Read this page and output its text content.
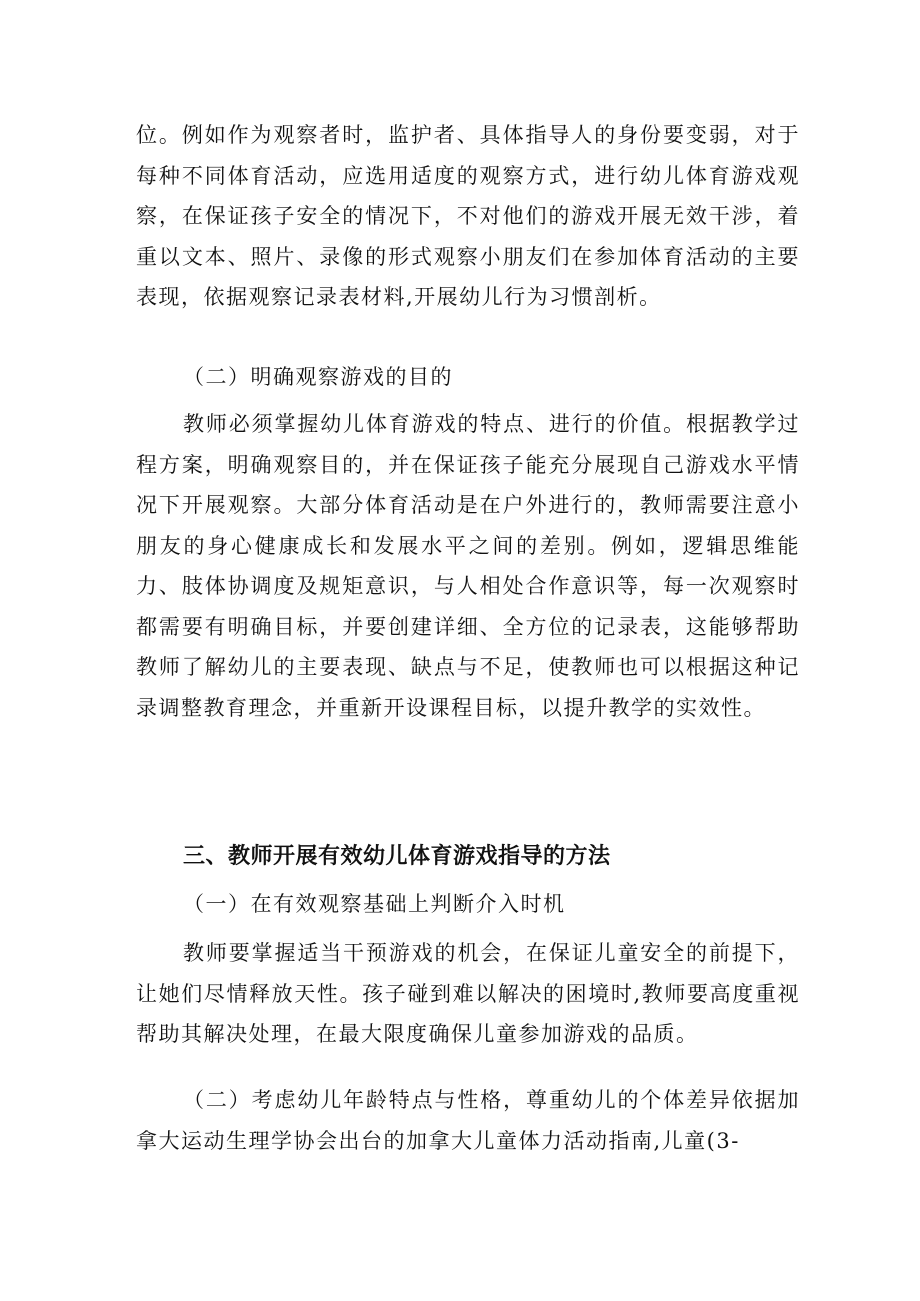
位。例如作为观察者时，监护者、具体指导人的身份要变弱，对于每种不同体育活动，应选用适度的观察方式，进行幼儿体育游戏观察，在保证孩子安全的情况下，不对他们的游戏开展无效干涉，着重以文本、照片、录像的形式观察小朋友们在参加体育活动的主要表现，依据观察记录表材料,开展幼儿行为习惯剖析。

（二）明确观察游戏的目的

教师必须掌握幼儿体育游戏的特点、进行的价值。根据教学过程方案，明确观察目的，并在保证孩子能充分展现自己游戏水平情况下开展观察。大部分体育活动是在户外进行的，教师需要注意小朋友的身心健康成长和发展水平之间的差别。例如，逻辑思维能力、肢体协调度及规矩意识，与人相处合作意识等，每一次观察时都需要有明确目标，并要创建详细、全方位的记录表，这能够帮助教师了解幼儿的主要表现、缺点与不足，使教师也可以根据这种记录调整教育理念，并重新开设课程目标，以提升教学的实效性。

三、教师开展有效幼儿体育游戏指导的方法

（一）在有效观察基础上判断介入时机

教师要掌握适当干预游戏的机会，在保证儿童安全的前提下，让她们尽情释放天性。孩子碰到难以解决的困境时,教师要高度重视帮助其解决处理，在最大限度确保儿童参加游戏的品质。

（二）考虑幼儿年龄特点与性格，尊重幼儿的个体差异依据加拿大运动生理学协会出台的加拿大儿童体力活动指南,儿童(3-
